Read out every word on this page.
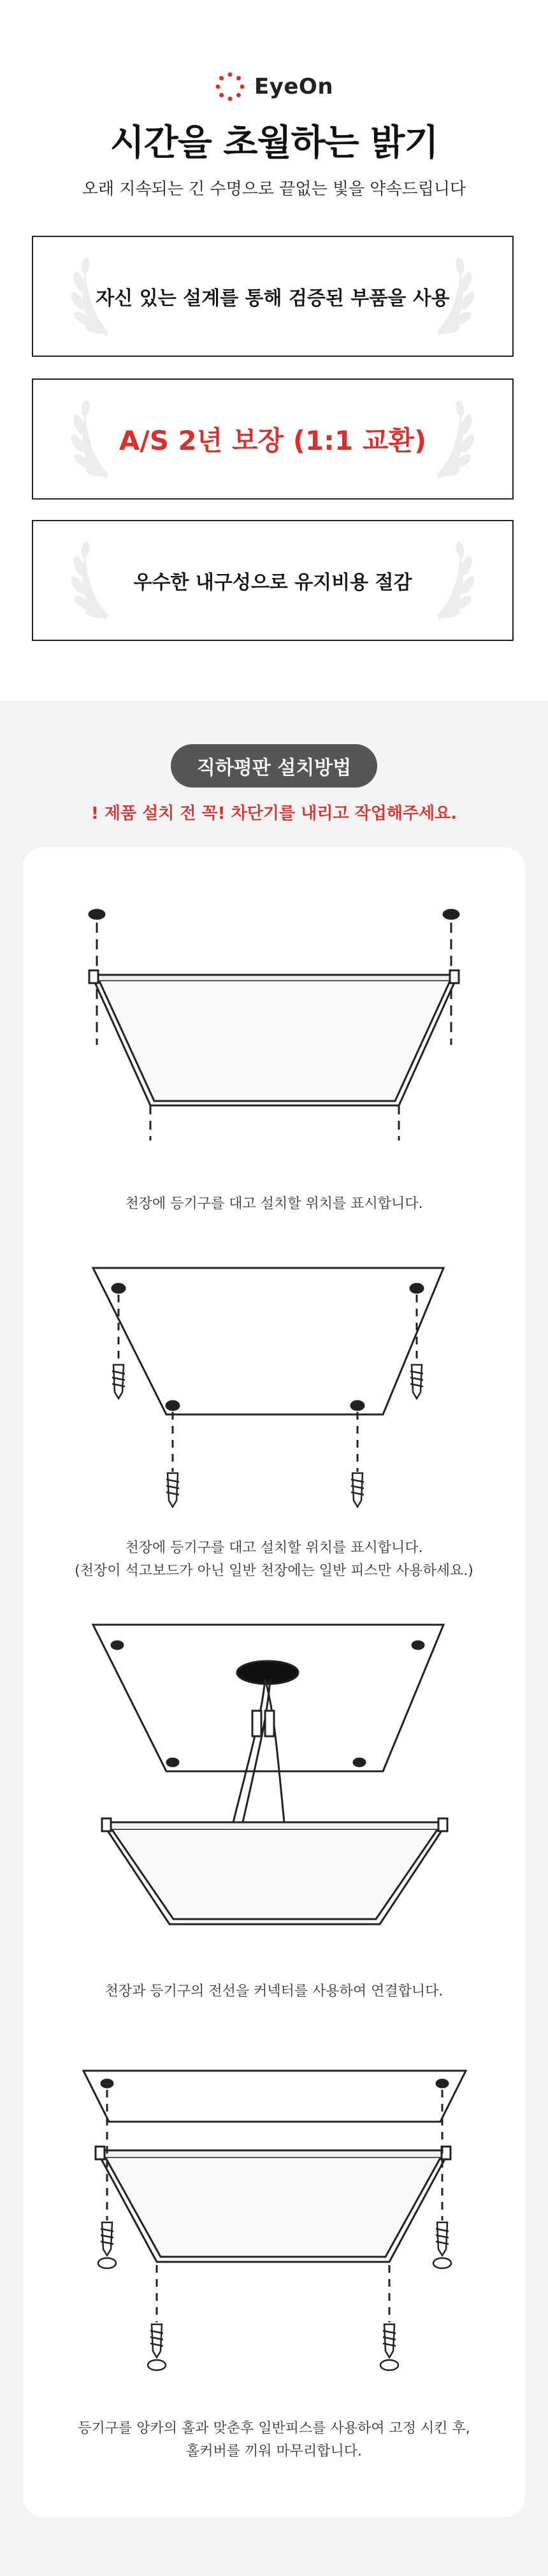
EyeOn
시간을 초월하는 밝기
오래 지속되는 긴 수명으로 끝없는 빛을 약속드립니다
자신 있는 설계를 통해 검증된 부품을 사용
A/S 2년 보장 (1:1 교환)
우수한 내구성으로 유지비용 절감
직하평판 설치방법
! 제품 설치 전 꼭! 차단기를 내리고 작업해주세요.
천장에 등기구를 대고 설치할 위치를 표시합니다.
천장에 등기구를 대고 설치할 위치를 표시합니다.
(천장이 석고보드가 아닌 일반 천장에는 일반 피스만 사용하세요.)
천장과 등기구의 전선을 커넥터를 사용하여 연결합니다.
등기구를 앙카의 홀과 맞춘후 일반피스를 사용하여 고정 시킨 후,
홀커버를 끼워 마무리합니다.
